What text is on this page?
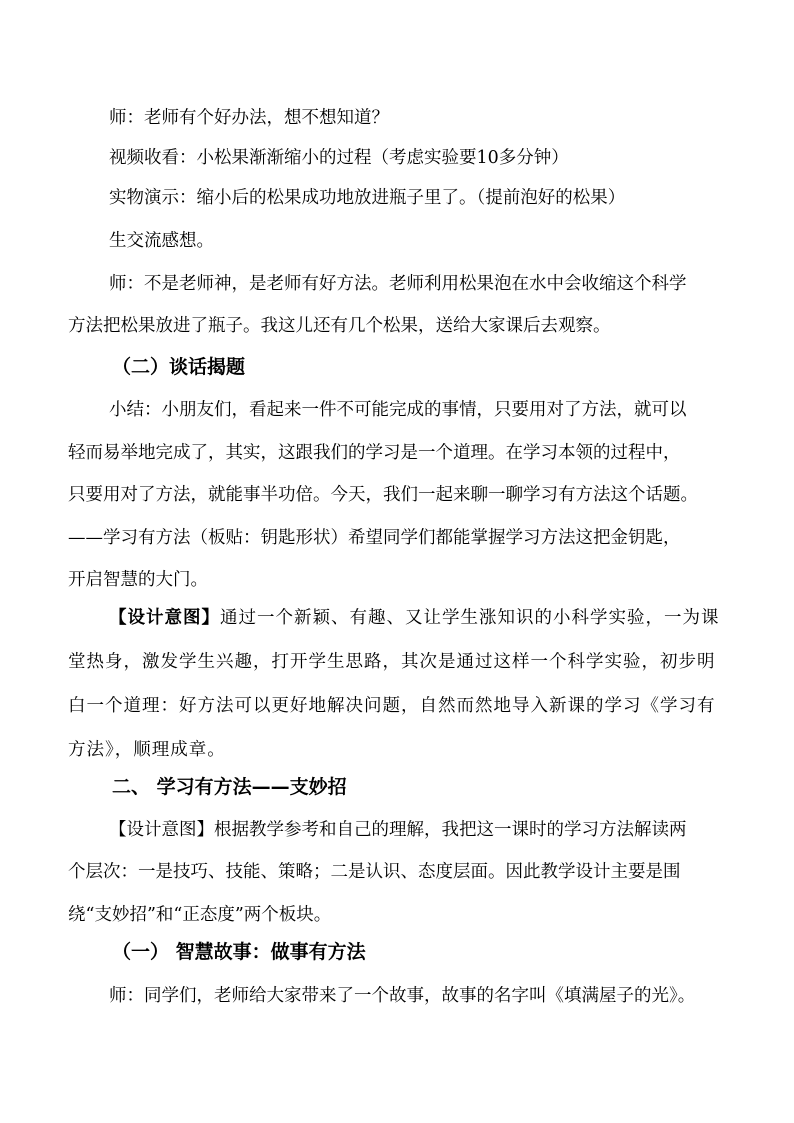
师：老师有个好办法，想不想知道？
视频收看：小松果渐渐缩小的过程（考虑实验要10多分钟）
实物演示：缩小后的松果成功地放进瓶子里了。（提前泡好的松果）
生交流感想。
师：不是老师神，是老师有好方法。老师利用松果泡在水中会收缩这个科学
方法把松果放进了瓶子。我这儿还有几个松果，送给大家课后去观察。
（二）谈话揭题
小结：小朋友们，看起来一件不可能完成的事情，只要用对了方法，就可以
轻而易举地完成了，其实，这跟我们的学习是一个道理。在学习本领的过程中，
只要用对了方法，就能事半功倍。今天，我们一起来聊一聊学习有方法这个话题。
——学习有方法（板贴：钥匙形状）希望同学们都能掌握学习方法这把金钥匙，
开启智慧的大门。
【设计意图】通过一个新颖、有趣、又让学生涨知识的小科学实验，一为课
堂热身，激发学生兴趣，打开学生思路，其次是通过这样一个科学实验，初步明
白一个道理：好方法可以更好地解决问题，自然而然地导入新课的学习《学习有
方法》，顺理成章。
二、 学习有方法——支妙招
【设计意图】根据教学参考和自己的理解，我把这一课时的学习方法解读两
个层次：一是技巧、技能、策略；二是认识、态度层面。因此教学设计主要是围
绕“支妙招”和“正态度”两个板块。
（一） 智慧故事：做事有方法
师：同学们，老师给大家带来了一个故事，故事的名字叫《填满屋子的光》。
